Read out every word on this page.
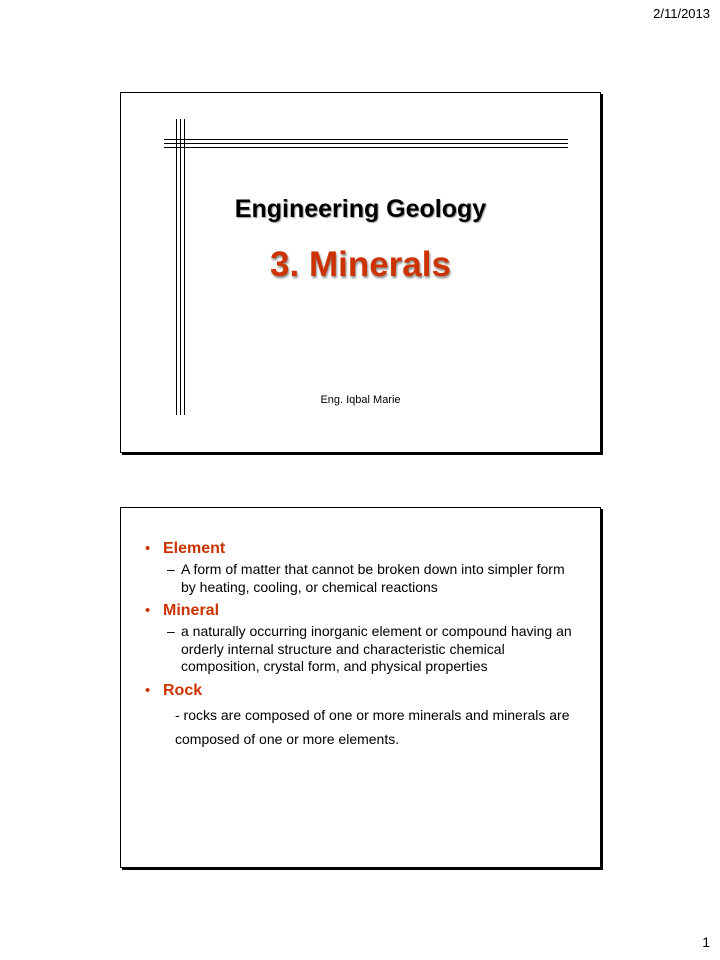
2/11/2013
Engineering Geology
3. Minerals
Eng. Iqbal Marie
• Element
– A form of matter that cannot be broken down into simpler form by heating, cooling, or chemical reactions
• Mineral
– a naturally occurring inorganic element or compound having an orderly internal structure and characteristic chemical composition, crystal form, and physical properties
• Rock
- rocks are composed of one or more minerals and minerals are composed of one or more elements.
1
